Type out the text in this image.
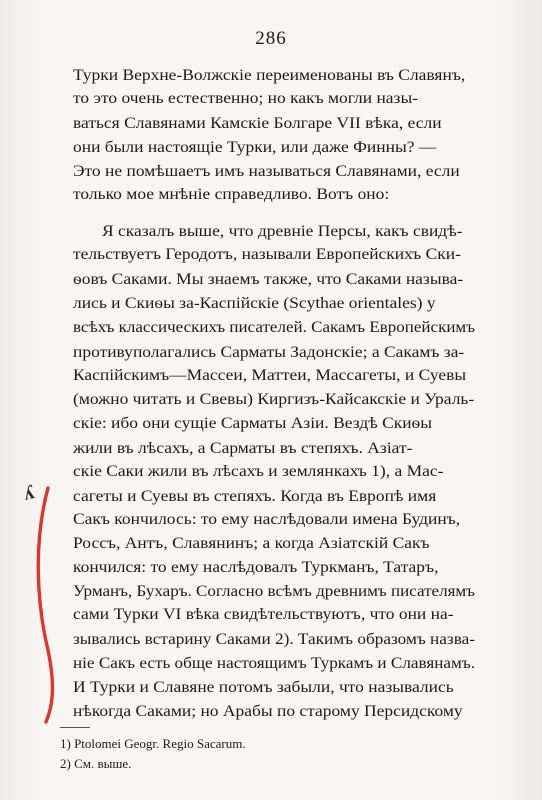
286
Турки Верхне-Волжскіе переименованы въ Славянъ,
то это очень естественно; но какъ могли назы-
ваться Славянами Камскіе Болгаре VII вѣка, если
они были настоящіе Турки, или даже Финны? —
Это не помѣшаетъ имъ называться Славянами, если
только мое мнѣніе справедливо. Вотъ оно:
Я сказалъ выше, что древніе Персы, какъ свидѣ-
тельствуетъ Геродотъ, называли Европейскихъ Ски-
ѳовъ Саками. Мы знаемъ также, что Саками называ-
лись и Скиѳы за-Каспійскіе (Scythae orientales) у
всѣхъ классическихъ писателей. Сакамъ Европейскимъ
противуполагались Сарматы Задонскіе; а Сакамъ за-
Каспійскимъ—Массеи, Маттеи, Массагеты, и Суевы
(можно читать и Свевы) Киргизъ-Кайсакскіе и Ураль-
скіе: ибо они сущіе Сарматы Азіи. Вездѣ Скиѳы
жили въ лѣсахъ, а Сарматы въ степяхъ. Азіат-
скіе Саки жили въ лѣсахъ и землянкахъ 1), а Мас-
сагеты и Суевы въ степяхъ. Когда въ Европѣ имя
Сакъ кончилось: то ему наслѣдовали имена Будинъ,
Россъ, Антъ, Славянинъ; а когда Азіатскій Сакъ
кончился: то ему наслѣдовалъ Туркманъ, Татаръ,
Урманъ, Бухаръ. Согласно всѣмъ древнимъ писателямъ
сами Турки VI вѣка свидѣтельствуютъ, что они на-
зывались встарину Саками 2). Такимъ образомъ назва-
ніе Сакъ есть обще настоящимъ Туркамъ и Славянамъ.
И Турки и Славяне потомъ забыли, что назывались
нѣкогда Саками; но Арабы по старому Персидскому
1) Ptolomei Geogr. Regio Sacarum.
2) См. выше.
ʎ
